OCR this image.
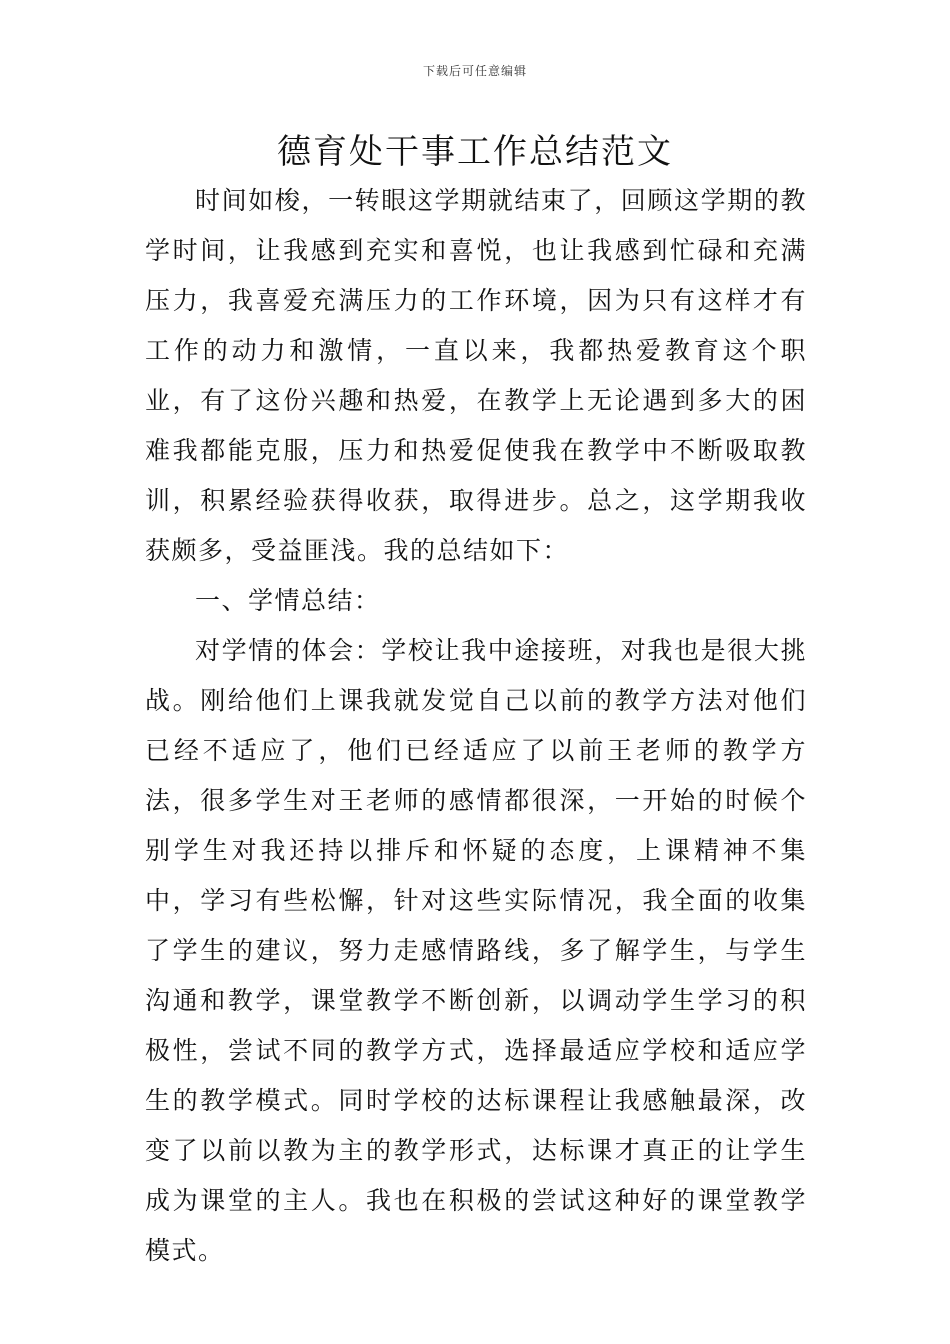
下载后可任意编辑
德育处干事工作总结范文

时间如梭，一转眼这学期就结束了，回顾这学期的教学时间，让我感到充实和喜悦，也让我感到忙碌和充满压力，我喜爱充满压力的工作环境，因为只有这样才有工作的动力和激情，一直以来，我都热爱教育这个职业，有了这份兴趣和热爱，在教学上无论遇到多大的困难我都能克服，压力和热爱促使我在教学中不断吸取教训，积累经验获得收获，取得进步。总之，这学期我收获颇多，受益匪浅。我的总结如下：

一、学情总结：

对学情的体会：学校让我中途接班，对我也是很大挑战。刚给他们上课我就发觉自己以前的教学方法对他们已经不适应了，他们已经适应了以前王老师的教学方法，很多学生对王老师的感情都很深，一开始的时候个别学生对我还持以排斥和怀疑的态度，上课精神不集中，学习有些松懈，针对这些实际情况，我全面的收集了学生的建议，努力走感情路线，多了解学生，与学生沟通和教学，课堂教学不断创新，以调动学生学习的积极性，尝试不同的教学方式，选择最适应学校和适应学生的教学模式。同时学校的达标课程让我感触最深，改变了以前以教为主的教学形式，达标课才真正的让学生成为课堂的主人。我也在积极的尝试这种好的课堂教学模式。
